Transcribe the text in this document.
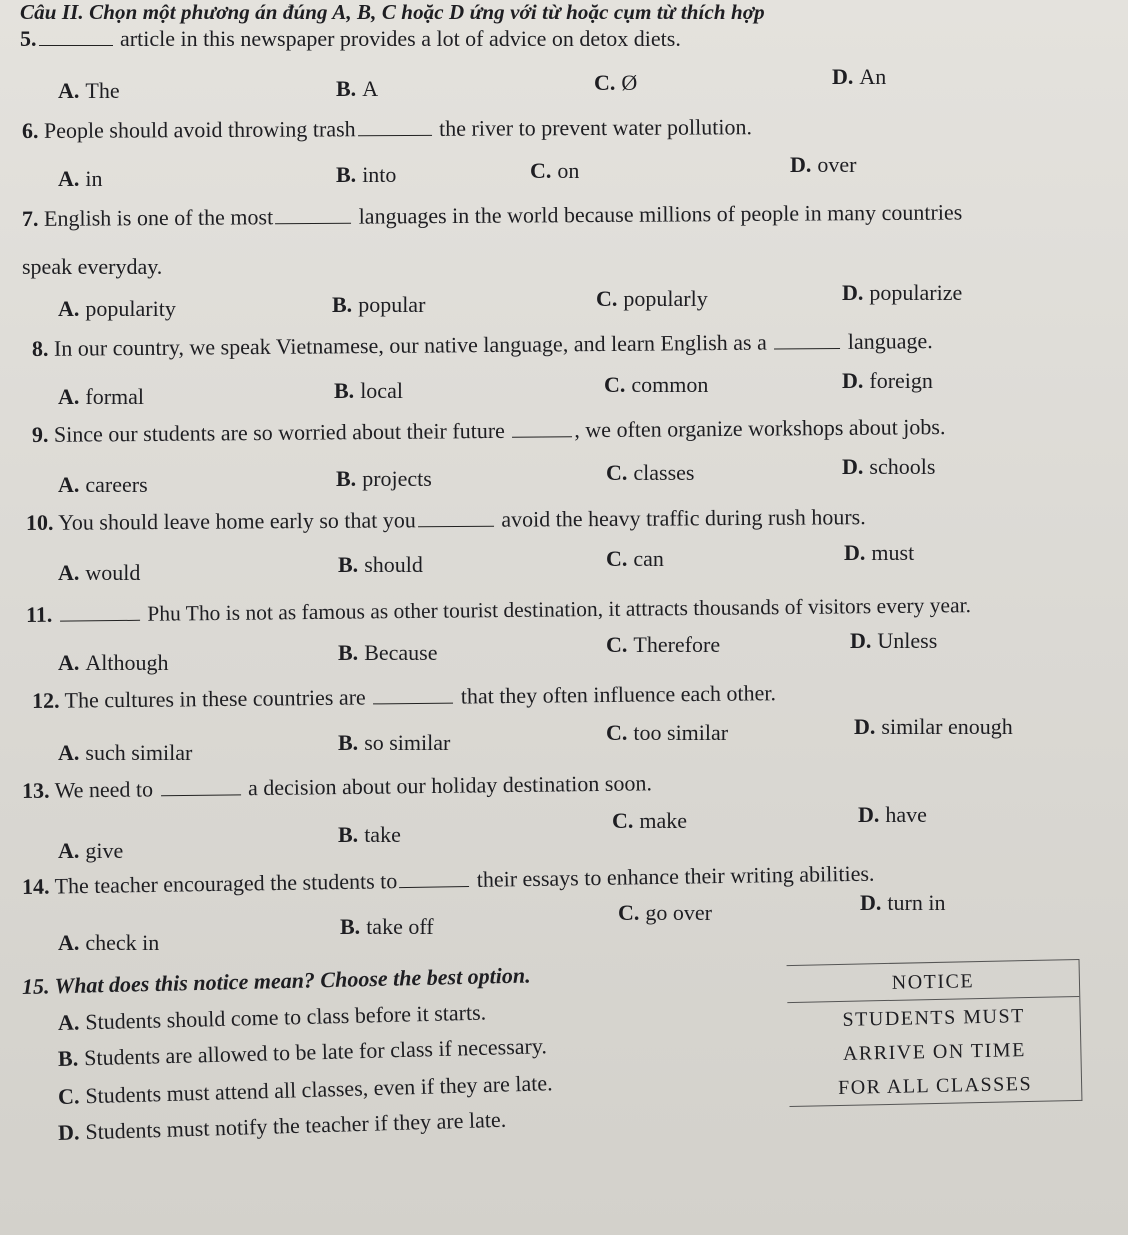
Câu II. Chọn một phương án đúng A, B, C hoặc D ứng với từ hoặc cụm từ thích hợp
5.	article in this newspaper provides a lot of advice on detox diets.
A. The	B. A	C. Ø	D. An
6. People should avoid throwing trash	the river to prevent water pollution.
A. in	B. into	C. on	D. over
7. English is one of the most	languages in the world because millions of people in many countries
speak everyday.
A. popularity	B. popular	C. popularly	D. popularize
8. In our country, we speak Vietnamese, our native language, and learn English as a	language.
A. formal	B. local	C. common	D. foreign
9. Since our students are so worried about their future	, we often organize workshops about jobs.
A. careers	B. projects	C. classes	D. schools
10. You should leave home early so that you	avoid the heavy traffic during rush hours.
A. would	B. should	C. can	D. must
11.	Phu Tho is not as famous as other tourist destination, it attracts thousands of visitors every year.
A. Although	B. Because	C. Therefore	D. Unless
12. The cultures in these countries are	that they often influence each other.
A. such similar	B. so similar	C. too similar	D. similar enough
13. We need to	a decision about our holiday destination soon.
A. give
B. take
C. make	D. have
14. The teacher encouraged the students to	their essays to enhance their writing abilities.
A. check in
B. take off
C. go over	D. turn in
15. What does this notice mean? Choose the best option.
A. Students should come to class before it starts.
B. Students are allowed to be late for class if necessary.
C. Students must attend all classes, even if they are late.
D. Students must notify the teacher if they are late.
NOTICE
STUDENTS MUST
ARRIVE ON TIME
FOR ALL CLASSES
